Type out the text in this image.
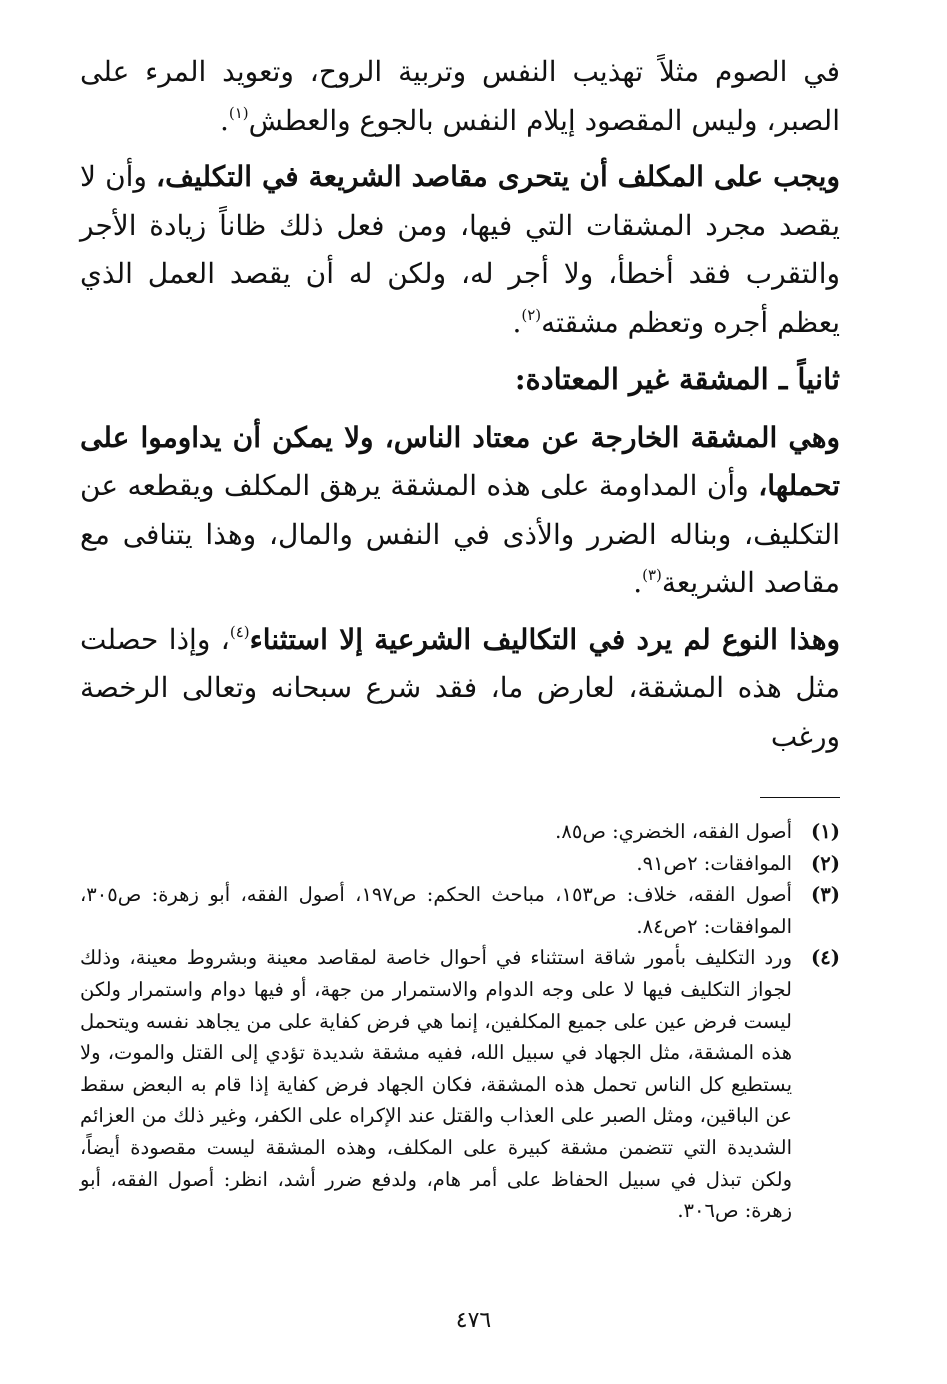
في الصوم مثلاً تهذيب النفس وتربية الروح، وتعويد المرء على الصبر، وليس المقصود إيلام النفس بالجوع والعطش$^{(١)}$.

ويجب على المكلف أن يتحرى مقاصد الشريعة في التكليف، وأن لا يقصد مجرد المشقات التي فيها، ومن فعل ذلك ظاناً زيادة الأجر والتقرب فقد أخطأ، ولا أجر له، ولكن له أن يقصد العمل الذي يعظم أجره وتعظم مشقته$^{(٢)}$.

ثانياً ـ المشقة غير المعتادة:

وهي المشقة الخارجة عن معتاد الناس، ولا يمكن أن يداوموا على تحملها، وأن المداومة على هذه المشقة يرهق المكلف ويقطعه عن التكليف، وبناله الضرر والأذى في النفس والمال، وهذا يتنافى مع مقاصد الشريعة$^{(٣)}$.

وهذا النوع لم يرد في التكاليف الشرعية إلا استثناء$^{(٤)}$، وإذا حصلت مثل هذه المشقة، لعارض ما، فقد شرع سبحانه وتعالى الرخصة ورغب

(١)
أصول الفقه، الخضري: ص٨٥.
(٢)
الموافقات: ٢ص٩١.
(٣)
أصول الفقه، خلاف: ص١٥٣، مباحث الحكم: ص١٩٧، أصول الفقه، أبو زهرة: ص٣٠٥، الموافقات: ٢ص٨٤.
(٤)
ورد التكليف بأمور شاقة استثناء في أحوال خاصة لمقاصد معينة وبشروط معينة، وذلك لجواز التكليف فيها لا على وجه الدوام والاستمرار من جهة، أو فيها دوام واستمرار ولكن ليست فرض عين على جميع المكلفين، إنما هي فرض كفاية على من يجاهد نفسه ويتحمل هذه المشقة، مثل الجهاد في سبيل الله، ففيه مشقة شديدة تؤدي إلى القتل والموت، ولا يستطيع كل الناس تحمل هذه المشقة، فكان الجهاد فرض كفاية إذا قام به البعض سقط عن الباقين، ومثل الصبر على العذاب والقتل عند الإكراه على الكفر، وغير ذلك من العزائم الشديدة التي تتضمن مشقة كبيرة على المكلف، وهذه المشقة ليست مقصودة أيضاً، ولكن تبذل في سبيل الحفاظ على أمر هام، ولدفع ضرر أشد، انظر: أصول الفقه، أبو زهرة: ص٣٠٦.
٤٧٦
